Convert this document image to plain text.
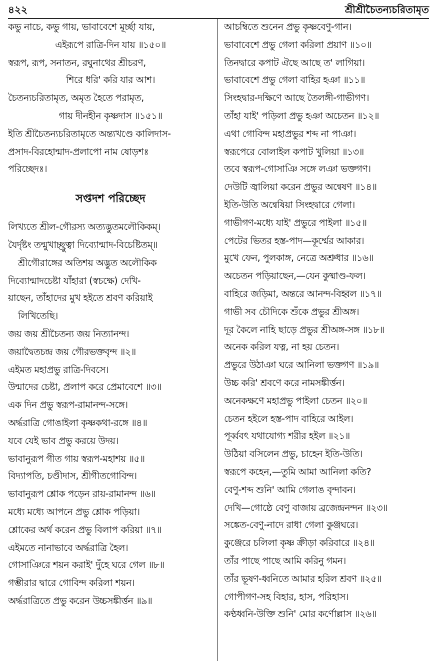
৪২২	শ্রীশ্রীচৈতন্যচরিতামৃত
কভু নাচে, কভু গায়, ভাবাবেশে মূর্চ্ছা যায়,
এইরূপে রাত্রি-দিন যায় ॥১৫০॥
স্বরূপ, রূপ, সনাতন, রঘুনাথের শ্রীচরণ,
শিরে ধরি' করি যার আশ।
চৈতন্যচরিতামৃত, অমৃত হৈতে পরামৃত,
গায় দীনহীন কৃষ্ণদাস ॥১৫১॥
ইতি শ্রীচৈতন্যচরিতামৃতে অন্ত্যখণ্ডে কালিদাস-
প্রসাদ-বিরহোন্মাদ-প্রলাপো নাম ষোড়শঃ
পরিচ্ছেদঃ।
সপ্তদশ পরিচ্ছেদ
লিখ্যতে শ্রীল-গৌরস্য অত্যদ্ভুতমলৌকিকম্।
যৈর্দৃষ্টং তন্মুখাচ্ছ্রুত্বা দিব্যোন্মাদ-বিচেষ্টিতম্॥
শ্রীগৌরাঙ্গের অতিশয় অদ্ভুত অলৌকিক
দিব্যোন্মাদচেষ্টা যাঁহারা (স্বচক্ষে) দেখি-
য়াছেন, তাঁহাদের মুখ হইতে শ্রবণ করিয়াই
লিখিতেছি।
জয় জয় শ্রীচৈতন্য জয় নিত্যানন্দ।
জয়াদ্বৈতচন্দ্র জয় গৌরভক্তবৃন্দ ॥২॥
এইমত মহাপ্রভু রাত্রি-দিবসে।
উন্মাদের চেষ্টা, প্রলাপ করে প্রেমাবেশে ॥৩॥
এক দিন প্রভু স্বরূপ-রামানন্দ-সঙ্গে।
অর্দ্ধরাত্রি গোঙাইলা কৃষ্ণকথা-রঙ্গে ॥৪॥
যবে যেই ভাব প্রভু করয়ে উদয়।
ভাবানুরূপ গীত গায় স্বরূপ-মহাশয় ॥৫॥
বিদ্যাপতি, চণ্ডীদাস, শ্রীগীতগোবিন্দ।
ভাবানুরূপ শ্লোক পড়েন রায়-রামানন্দ ॥৬॥
মধ্যে মধ্যে আপনে প্রভু শ্লোক পড়িয়া।
শ্লোকের অর্থ করেন প্রভু বিলাপ করিয়া ॥৭॥
এইমতে নানাভাবে অর্দ্ধরাত্রি হৈল।
গোসাঞিরে শয়ন করাই' দুঁহে ঘরে গেল ॥৮॥
গম্ভীরার দ্বারে গোবিন্দ করিলা শয়ন।
অর্দ্ধরাত্রিতে প্রভু করেন উচ্চসঙ্কীর্ত্তন ॥৯॥
আচম্বিতে শুনেন প্রভু কৃষ্ণবেণু-গান।
ভাবাবেশে প্রভু গেলা করিলা প্রয়াণ ॥১০॥
তিনদ্বারে কপাট ঐছে আছে ত' লাগিয়া।
ভাবাবেশে প্রভু গেলা বাহির হঞা ॥১১॥
সিংহদ্বার-দক্ষিণে আছে তৈলঙ্গী-গাভীগণ।
তাঁহা যাই' পড়িলা প্রভু হঞা অচেতন ॥১২॥
এথা গোবিন্দ মহাপ্রভুর শব্দ না পাঞা।
স্বরূপেরে বোলাইল কপাট খুলিয়া ॥১৩॥
তবে স্বরূপ-গোসাঞি সঙ্গে লঞা ভক্তগণ।
দেউটি জ্বালিয়া করেন প্রভুর অন্বেষণ ॥১৪॥
ইতি-উতি অন্বেষিয়া সিংহদ্বারে গেলা।
গাভীগণ-মধ্যে যাই' প্রভুরে পাইলা ॥১৫॥
পেটের ভিতর হস্ত-পাদ—কূর্ম্মের আকার।
মুখে ফেন, পুলকাঙ্গ, নেত্রে অশ্রুধার ॥১৬॥
অচেতন পড়িয়াছেন,—যেন কুষ্মাণ্ড-ফল।
বাহিরে জড়িমা, অন্তরে আনন্দ-বিহ্বল ॥১৭॥
গাভী সব চৌদিকে শুঁকে প্রভুর শ্রীঅঙ্গ।
দূর কৈলে নাহি ছাড়ে প্রভুর শ্রীঅঙ্গ-সঙ্গ ॥১৮॥
অনেক করিল যত্ন, না হয় চেতন।
প্রভুরে উঠাঞা ঘরে আনিলা ভক্তগণ ॥১৯॥
উচ্চ করি' শ্রবণে করে নামসঙ্কীর্ত্তন।
অনেকক্ষণে মহাপ্রভু পাইলা চেতন ॥২০॥
চেতন হইলে হস্ত-পাদ বাহিরে আইল।
পূর্ব্ববৎ যথাযোগ্য শরীর হইল ॥২১॥
উঠিয়া বসিলেন প্রভু, চাহেন ইতি-উতি।
স্বরূপে কহেন,—তুমি আমা আনিলা কতি?
বেণু-শব্দ শুনি' আমি গেলাঙ বৃন্দাবন।
দেখি—গোষ্ঠে বেণু বাজায় ব্রজেন্দ্রনন্দন ॥২৩॥
সঙ্কেত-বেণু-নাদে রাধা গেলা কুঞ্জঘরে।
কুঞ্জেরে চলিলা কৃষ্ণ ক্রীড়া করিবারে ॥২৪॥
তাঁর পাছে পাছে আমি করিনু গমন।
তাঁর ভূষণ-ধ্বনিতে আমার হরিল শ্রবণ ॥২৫॥
গোপীগণ-সহ বিহার, হাস, পরিহাস।
কণ্ঠধ্বনি-উক্তি শুনি' মোর কর্ণোল্লাস ॥২৬॥
